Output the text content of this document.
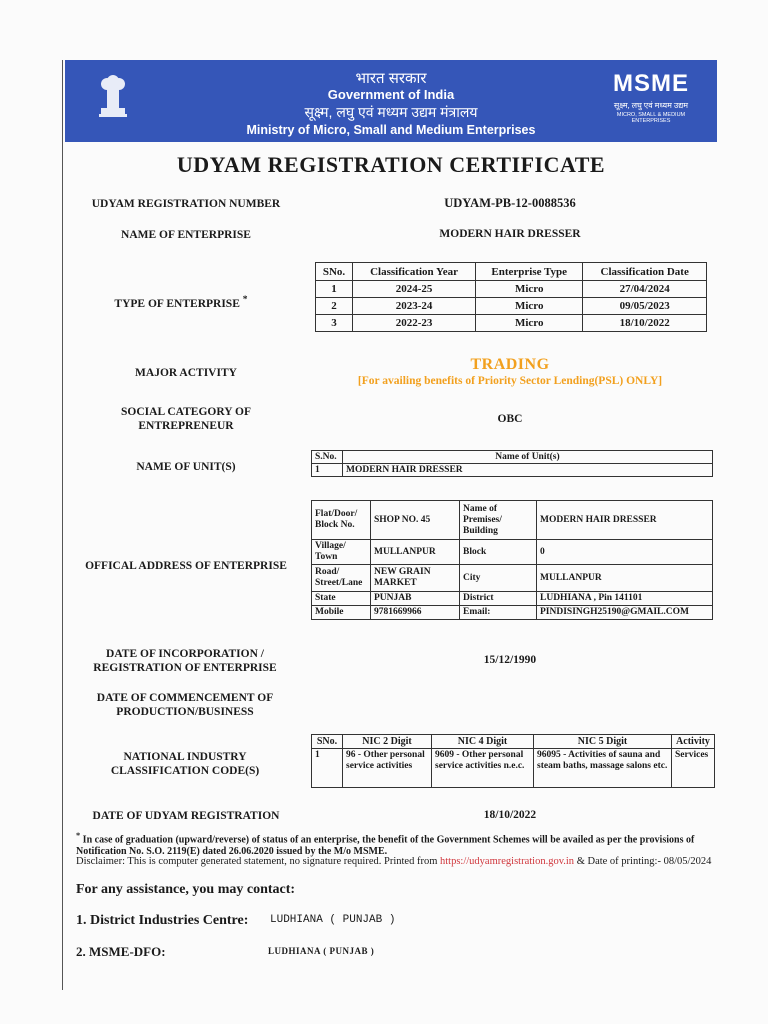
भारत सरकार
Government of India
सूक्ष्म, लघु एवं मध्यम उद्यम मंत्रालय
Ministry of Micro, Small and Medium Enterprises
MSME
सूक्ष्म, लघु एवं मध्यम उद्यम
MICRO, SMALL & MEDIUM ENTERPRISES
UDYAM REGISTRATION CERTIFICATE
UDYAM REGISTRATION NUMBER	UDYAM-PB-12-0088536
NAME OF ENTERPRISE	MODERN HAIR DRESSER
TYPE OF ENTERPRISE *
SNo.	Classification Year	Enterprise Type	Classification Date
1	2024-25	Micro	27/04/2024
2	2023-24	Micro	09/05/2023
3	2022-23	Micro	18/10/2022
MAJOR ACTIVITY	TRADING
[For availing benefits of Priority Sector Lending(PSL) ONLY]
SOCIAL CATEGORY OF ENTREPRENEUR
OBC
NAME OF UNIT(S)
S.No.	Name of Unit(s)
1	MODERN HAIR DRESSER
OFFICAL ADDRESS OF ENTERPRISE
Flat/Door/ Block No.	SHOP NO. 45	Name of Premises/ Building	MODERN HAIR DRESSER
Village/ Town	MULLANPUR	Block	0
Road/ Street/Lane	NEW GRAIN MARKET	City	MULLANPUR
State	PUNJAB	District	LUDHIANA , Pin 141101
Mobile	9781669966	Email:	PINDISINGH25190@GMAIL.COM
DATE OF INCORPORATION / REGISTRATION OF ENTERPRISE
15/12/1990
DATE OF COMMENCEMENT OF PRODUCTION/BUSINESS
NATIONAL INDUSTRY CLASSIFICATION CODE(S)
SNo.	NIC 2 Digit	NIC 4 Digit	NIC 5 Digit	Activity
1	96 - Other personal service activities	9609 - Other personal service activities n.e.c.	96095 - Activities of sauna and steam baths, massage salons etc.	Services
DATE OF UDYAM REGISTRATION	18/10/2022
* In case of graduation (upward/reverse) of status of an enterprise, the benefit of the Government Schemes will be availed as per the provisions of Notification No. S.O. 2119(E) dated 26.06.2020 issued by the M/o MSME.
Disclaimer: This is computer generated statement, no signature required. Printed from https://udyamregistration.gov.in & Date of printing:- 08/05/2024
For any assistance, you may contact:
1. District Industries Centre: LUDHIANA ( PUNJAB )
2. MSME-DFO:	LUDHIANA ( PUNJAB )
